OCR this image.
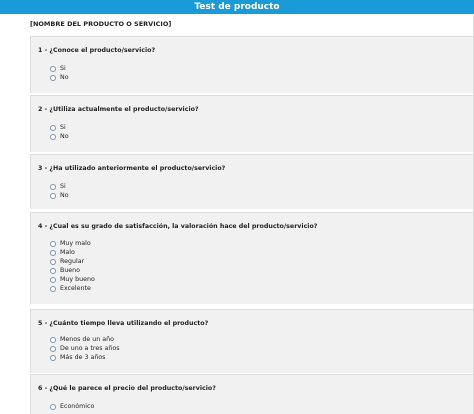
Test de producto
[NOMBRE DEL PRODUCTO O SERVICIO]
1 - ¿Conoce el producto/servicio?
Si
No
2 - ¿Utiliza actualmente el producto/servicio?
Si
No
3 - ¿Ha utilizado anteriormente el producto/servicio?
Si
No
4 - ¿Cual es su grado de satisfacción, la valoración hace del producto/servicio?
Muy malo
Malo
Regular
Bueno
Muy bueno
Excelente
5 - ¿Cuánto tiempo lleva utilizando el producto?
Menos de un año
De uno a tres años
Más de 3 años
6 - ¿Qué le parece el precio del producto/servicio?
Económico
